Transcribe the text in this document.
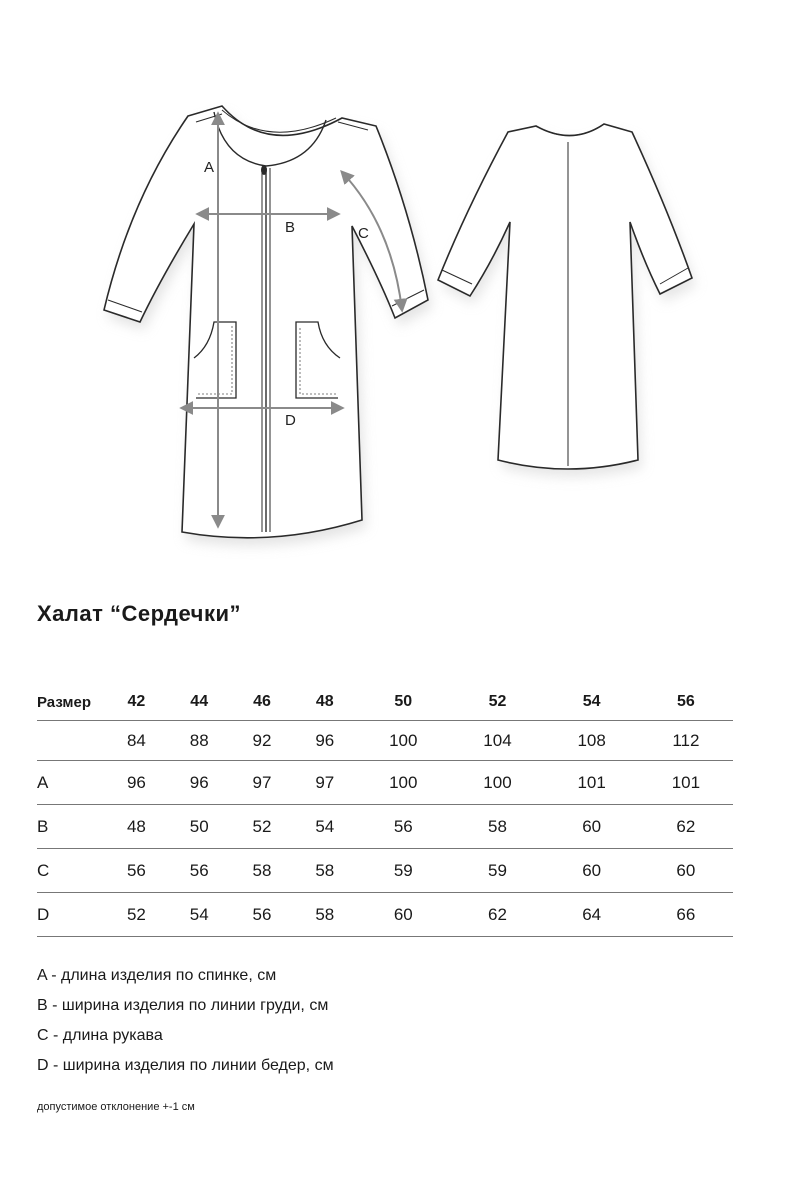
A
B	C
D
Халат “Сердечки”
Размер	42	44	46	48	50	52	54	56
	84	88	92	96	100	104	108	112
A	96	96	97	97	100	100	101	101
B	48	50	52	54	56	58	60	62
C	56	56	58	58	59	59	60	60
D	52	54	56	58	60	62	64	66
A - длина изделия по спинке, см
B - ширина изделия по линии груди, см
C - длина рукава
D - ширина изделия по линии бедер, см
допустимое отклонение +-1 см
